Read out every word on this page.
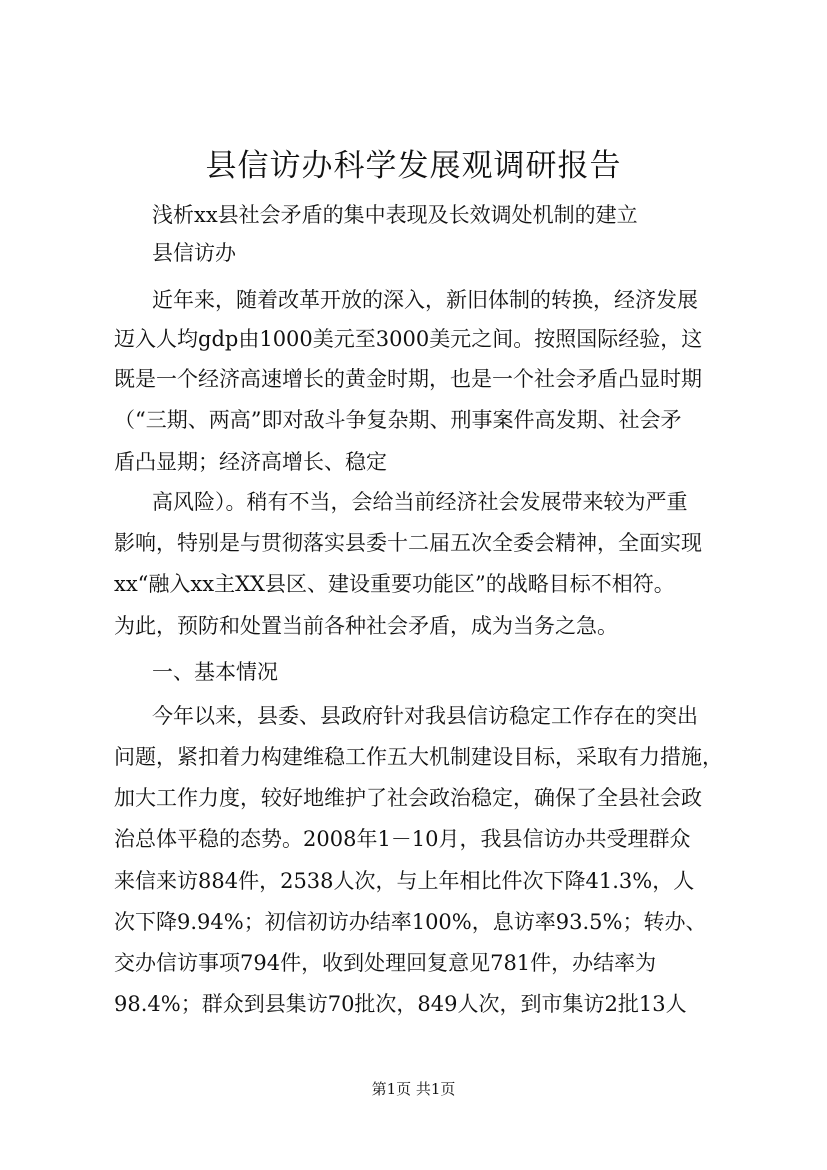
县信访办科学发展观调研报告

浅析xx县社会矛盾的集中表现及长效调处机制的建立

县信访办

近年来，随着改革开放的深入，新旧体制的转换，经济发展

迈入人均gdp由1000美元至3000美元之间。按照国际经验，这

既是一个经济高速增长的黄金时期，也是一个社会矛盾凸显时期

（“三期、两高”即对敌斗争复杂期、刑事案件高发期、社会矛

盾凸显期；经济高增长、稳定

高风险）。稍有不当，会给当前经济社会发展带来较为严重

影响，特别是与贯彻落实县委十二届五次全委会精神，全面实现

xx“融入xx主XX县区、建设重要功能区”的战略目标不相符。

为此，预防和处置当前各种社会矛盾，成为当务之急。

一、基本情况

今年以来，县委、县政府针对我县信访稳定工作存在的突出

问题，紧扣着力构建维稳工作五大机制建设目标，采取有力措施，

加大工作力度，较好地维护了社会政治稳定，确保了全县社会政

治总体平稳的态势。2008年1－10月，我县信访办共受理群众

来信来访884件，2538人次，与上年相比件次下降41.3%，人

次下降9.94%；初信初访办结率100%，息访率93.5%；转办、

交办信访事项794件，收到处理回复意见781件，办结率为

98.4%；群众到县集访70批次，849人次，到市集访2批13人

第1页 共1页
